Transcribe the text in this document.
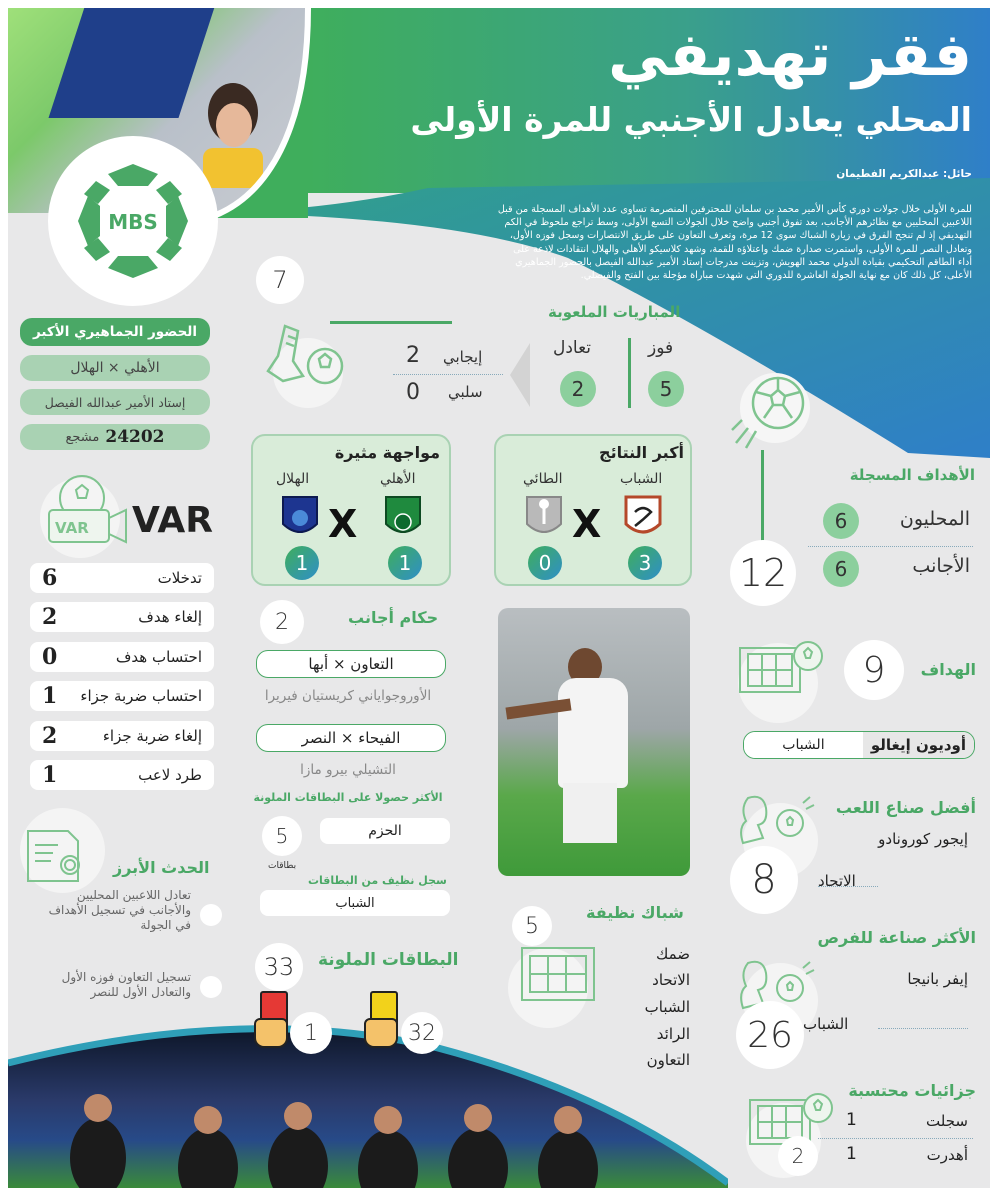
فقر تهديفي
المحلي يعادل الأجنبي للمرة الأولى
حائل: عبدالكريم الفطيمان
للمرة الأولى خلال جولات دوري كأس الأمير محمد بن سلمان للمحترفين المنصرمة تساوى عدد الأهداف المسجلة من قبل اللاعبين المحليين مع نظائرهم الأجانب، بعد تفوق أجنبي واضح خلال الجولات التسع الأولى، وسط تراجع ملحوظ في الكم التهديفي إذ لم تنجح الفرق في زيارة الشباك سوى 12 مرة، وتعرف التعاون على طريق الانتصارات وسجل فوزه الأول، وتعادل النصر للمرة الأولى، واستمرت صدارة ضمك واعتلاؤه للقمة، وشهد كلاسيكو الأهلي والهلال انتقادات لاذعة على أداء الطاقم التحكيمي بقيادة الدولي محمد الهويش، وتزينت مدرجات إستاد الأمير عبدالله الفيصل بالحضور الجماهيري الأعلى، كل ذلك كان مع نهاية الجولة العاشرة للدوري التي شهدت مباراة مؤجلة بين الفتح والفيصلي.
MBS
الحضور الجماهيري الأكبر
الأهلي × الهلال
إستاد الأمير عبدالله الفيصل
24202
مشجع
7
إيجابي
2
سلبي
0
المباريات الملعوبة
فوز
5
تعادل
2
الأهداف المسجلة
المحليون
6
الأجانب
6
12
أكبر النتائج
الشباب
الطائي
X
3
0
مواجهة مثيرة
الأهلي
الهلال
X
1
1
VAR VAR
تدخلات
6
إلغاء هدف
2
احتساب هدف
0
احتساب ضربة جزاء
1
إلغاء ضربة جزاء
2
طرد لاعب
1
2	حكام أجانب
التعاون × أبها
الأوروجواياني كريستيان فيريرا
الفيحاء × النصر
التشيلي بيرو مازا
الأكثر حصولا على البطاقات الملونة
5	الحزم
بطاقات
سجل نظيف من البطاقات
الشباب
الحدث الأبرز
تعادل اللاعبين المحليين والأجانب في تسجيل الأهداف في الجولة
تسجيل التعاون فوزه الأول والتعادل الأول للنصر
5
شباك نظيفة
ضمك
الاتحاد
الشباب
الرائد
التعاون
33	البطاقات الملونة
1	32
9	الهداف
أوديون إيغالو
الشباب
أفضل صناع اللعب
إيجور كورونادو
الاتحاد
8
الأكثر صناعة للفرص
إيفر بانيجا
الشباب
26
جزائيات محتسبة
سجلت
1
أهدرت
1
2
